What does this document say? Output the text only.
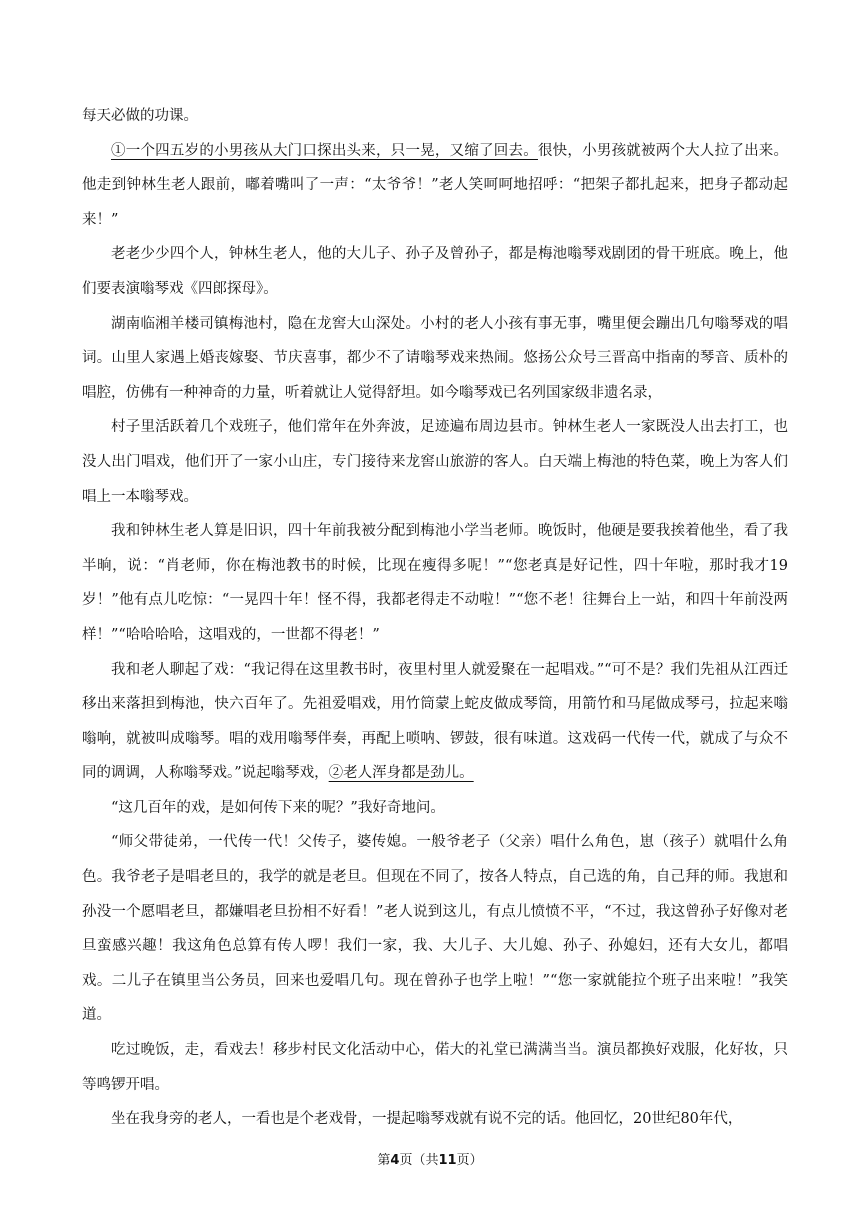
每天必做的功课。

①一个四五岁的小男孩从大门口探出头来，只一晃，又缩了回去。很快，小男孩就被两个大人拉了出来。他走到钟林生老人跟前，嘟着嘴叫了一声：“太爷爷！”老人笑呵呵地招呼：“把架子都扎起来，把身子都动起来！”

老老少少四个人，钟林生老人，他的大儿子、孙子及曾孙子，都是梅池嗡琴戏剧团的骨干班底。晚上，他们要表演嗡琴戏《四郎探母》。

湖南临湘羊楼司镇梅池村，隐在龙窖大山深处。小村的老人小孩有事无事，嘴里便会蹦出几句嗡琴戏的唱词。山里人家遇上婚丧嫁娶、节庆喜事，都少不了请嗡琴戏来热闹。悠扬公众号三晋高中指南的琴音、质朴的唱腔，仿佛有一种神奇的力量，听着就让人觉得舒坦。如今嗡琴戏已名列国家级非遗名录，

村子里活跃着几个戏班子，他们常年在外奔波，足迹遍布周边县市。钟林生老人一家既没人出去打工，也没人出门唱戏，他们开了一家小山庄，专门接待来龙窖山旅游的客人。白天端上梅池的特色菜，晚上为客人们唱上一本嗡琴戏。

我和钟林生老人算是旧识，四十年前我被分配到梅池小学当老师。晚饭时，他硬是要我挨着他坐，看了我半晌，说：“肖老师，你在梅池教书的时候，比现在瘦得多呢！”“您老真是好记性，四十年啦，那时我才19岁！”他有点儿吃惊：“一晃四十年！怪不得，我都老得走不动啦！”“您不老！往舞台上一站，和四十年前没两样！”“哈哈哈哈，这唱戏的，一世都不得老！”

我和老人聊起了戏：“我记得在这里教书时，夜里村里人就爱聚在一起唱戏。”“可不是？我们先祖从江西迁移出来落担到梅池，快六百年了。先祖爱唱戏，用竹筒蒙上蛇皮做成琴筒，用箭竹和马尾做成琴弓，拉起来嗡嗡响，就被叫成嗡琴。唱的戏用嗡琴伴奏，再配上唢呐、锣鼓，很有味道。这戏码一代传一代，就成了与众不同的调调，人称嗡琴戏。”说起嗡琴戏，②老人浑身都是劲儿。

“这几百年的戏，是如何传下来的呢？”我好奇地问。

“师父带徒弟，一代传一代！父传子，婆传媳。一般爷老子（父亲）唱什么角色，崽（孩子）就唱什么角色。我爷老子是唱老旦的，我学的就是老旦。但现在不同了，按各人特点，自己选的角，自己拜的师。我崽和孙没一个愿唱老旦，都嫌唱老旦扮相不好看！”老人说到这儿，有点儿愤愤不平，“不过，我这曾孙子好像对老旦蛮感兴趣！我这角色总算有传人啰！我们一家，我、大儿子、大儿媳、孙子、孙媳妇，还有大女儿，都唱戏。二儿子在镇里当公务员，回来也爱唱几句。现在曾孙子也学上啦！”“您一家就能拉个班子出来啦！”我笑道。

吃过晚饭，走，看戏去！移步村民文化活动中心，偌大的礼堂已满满当当。演员都换好戏服，化好妆，只等鸣锣开唱。

坐在我身旁的老人，一看也是个老戏骨，一提起嗡琴戏就有说不完的话。他回忆，20世纪80年代，

第4页（共11页）
